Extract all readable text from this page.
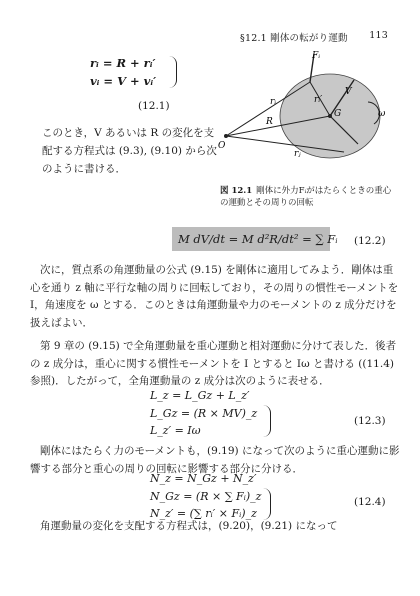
§12.1 剛体の転がり運動 113
rᵢ = R + rᵢ′
vᵢ = V + vᵢ′
(12.1)
このとき，V あるいは R の変化を支配する方程式は (9.3), (9.10) から次のように書ける．
Fᵢ
V
G
O
R
rᵢ
rⱼ
rᵢ′
ω
図 12.1 剛体に外力Fᵢがはたらくときの重心の運動とその周りの回転
M dV/dt = M d²R/dt² = ∑ Fᵢ (12.2)
次に，質点系の角運動量の公式 (9.15) を剛体に適用してみよう．剛体は重心を通り z 軸に平行な軸の周りに回転しており，その周りの慣性モーメントを I，角速度を ω とする．このときは角運動量や力のモーメントの z 成分だけを扱えばよい．
第 9 章の (9.15) で全角運動量を重心運動と相対運動に分けて表した．後者の z 成分は，重心に関する慣性モーメントを I とすると Iω と書ける ((11.4) 参照)．したがって，全角運動量の z 成分は次のように表せる．
L_z = L_Gz + L_z′
L_Gz = (R × MV)_z
L_z′ = Iω
(12.3)
剛体にはたらく力のモーメントも，(9.19) になって次のように重心運動に影響する部分と重心の周りの回転に影響する部分に分ける．
N_z = N_Gz + N_z′
N_Gz = (R × ∑ Fᵢ)_z
N_z′ = (∑ rᵢ′ × Fᵢ)_z
(12.4)
角運動量の変化を支配する方程式は，(9.20)，(9.21) になって
